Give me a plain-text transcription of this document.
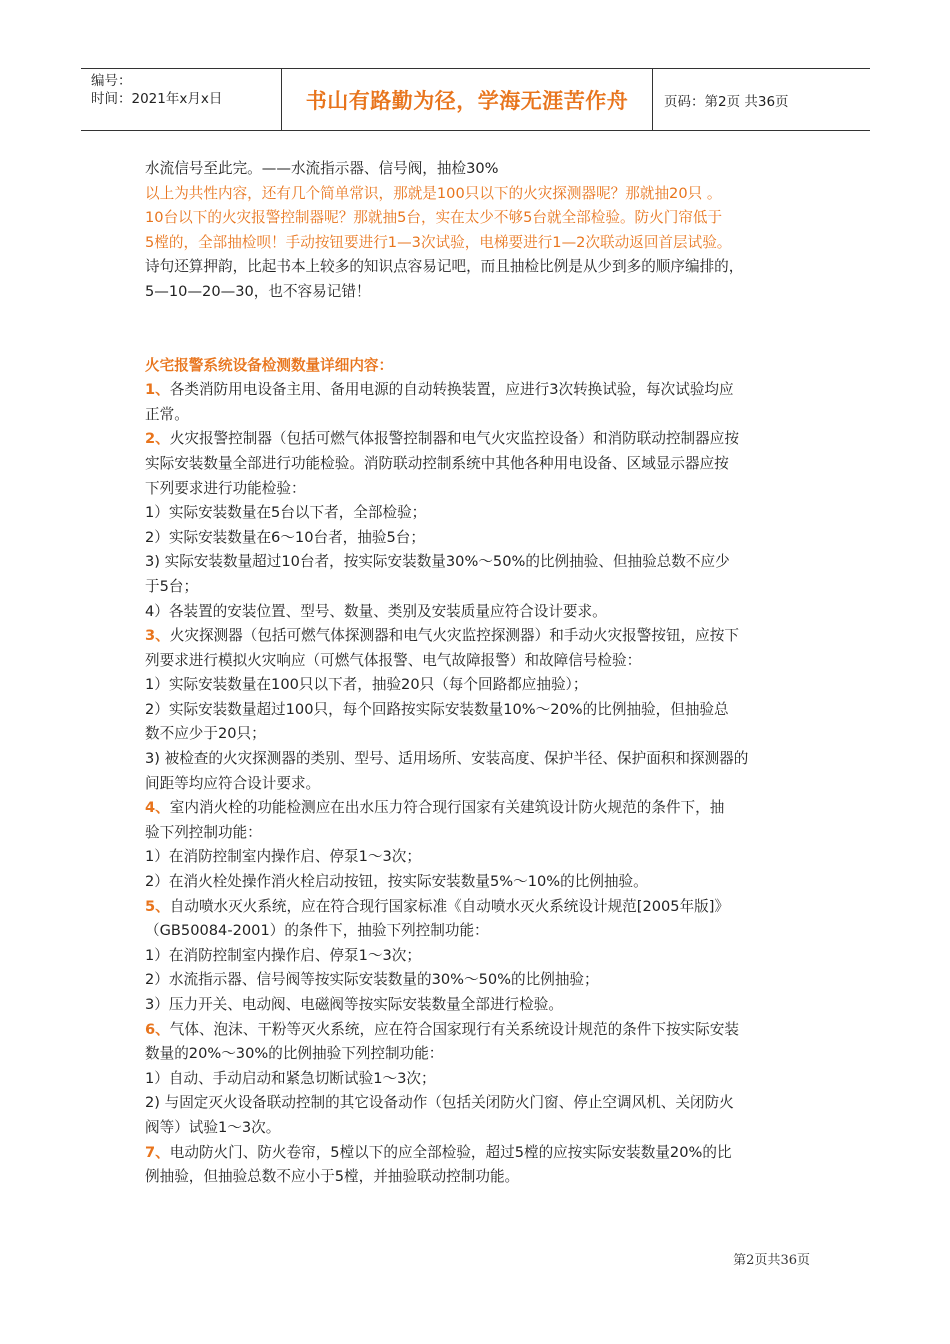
编号：
时间：2021年x月x日	书山有路勤为径，学海无涯苦作舟	页码：第2页 共36页

水流信号至此完。——水流指示器、信号阀，抽检30%

以上为共性内容，还有几个简单常识，那就是100只以下的火灾探测器呢？那就抽20只 。

10台以下的火灾报警控制器呢？那就抽5台，实在太少不够5台就全部检验。防火门帘低于

5樘的，全部抽检呗！手动按钮要进行1—3次试验，电梯要进行1—2次联动返回首层试验。

诗句还算押韵，比起书本上较多的知识点容易记吧，而且抽检比例是从少到多的顺序编排的，

5—10—20—30，也不容易记错！

火宅报警系统设备检测数量详细内容：

1、各类消防用电设备主用、备用电源的自动转换装置，应进行3次转换试验，每次试验均应

正常。

2、火灾报警控制器（包括可燃气体报警控制器和电气火灾监控设备）和消防联动控制器应按

实际安装数量全部进行功能检验。消防联动控制系统中其他各种用电设备、区域显示器应按

下列要求进行功能检验：

1）实际安装数量在5台以下者，全部检验；

2）实际安装数量在6～10台者，抽验5台；

3) 实际安装数量超过10台者，按实际安装数量30%～50%的比例抽验、但抽验总数不应少

于5台；

4）各装置的安装位置、型号、数量、类别及安装质量应符合设计要求。

3、火灾探测器（包括可燃气体探测器和电气火灾监控探测器）和手动火灾报警按钮，应按下

列要求进行模拟火灾响应（可燃气体报警、电气故障报警）和故障信号检验：

1）实际安装数量在100只以下者，抽验20只（每个回路都应抽验）；

2）实际安装数量超过100只，每个回路按实际安装数量10%～20%的比例抽验，但抽验总

数不应少于20只；

3) 被检查的火灾探测器的类别、型号、适用场所、安装高度、保护半径、保护面积和探测器的

间距等均应符合设计要求。

4、室内消火栓的功能检测应在出水压力符合现行国家有关建筑设计防火规范的条件下，抽

验下列控制功能：

1）在消防控制室内操作启、停泵1～3次；

2）在消火栓处操作消火栓启动按钮，按实际安装数量5%～10%的比例抽验。

5、自动喷水灭火系统，应在符合现行国家标准《自动喷水灭火系统设计规范[2005年版]》

（GB50084-2001）的条件下，抽验下列控制功能：

1）在消防控制室内操作启、停泵1～3次；

2）水流指示器、信号阀等按实际安装数量的30%～50%的比例抽验；

3）压力开关、电动阀、电磁阀等按实际安装数量全部进行检验。

6、气体、泡沫、干粉等灭火系统，应在符合国家现行有关系统设计规范的条件下按实际安装

数量的20%～30%的比例抽验下列控制功能：

1）自动、手动启动和紧急切断试验1～3次；

2) 与固定灭火设备联动控制的其它设备动作（包括关闭防火门窗、停止空调风机、关闭防火

阀等）试验1～3次。

7、电动防火门、防火卷帘，5樘以下的应全部检验，超过5樘的应按实际安装数量20%的比

例抽验，但抽验总数不应小于5樘，并抽验联动控制功能。

第2页共36页
